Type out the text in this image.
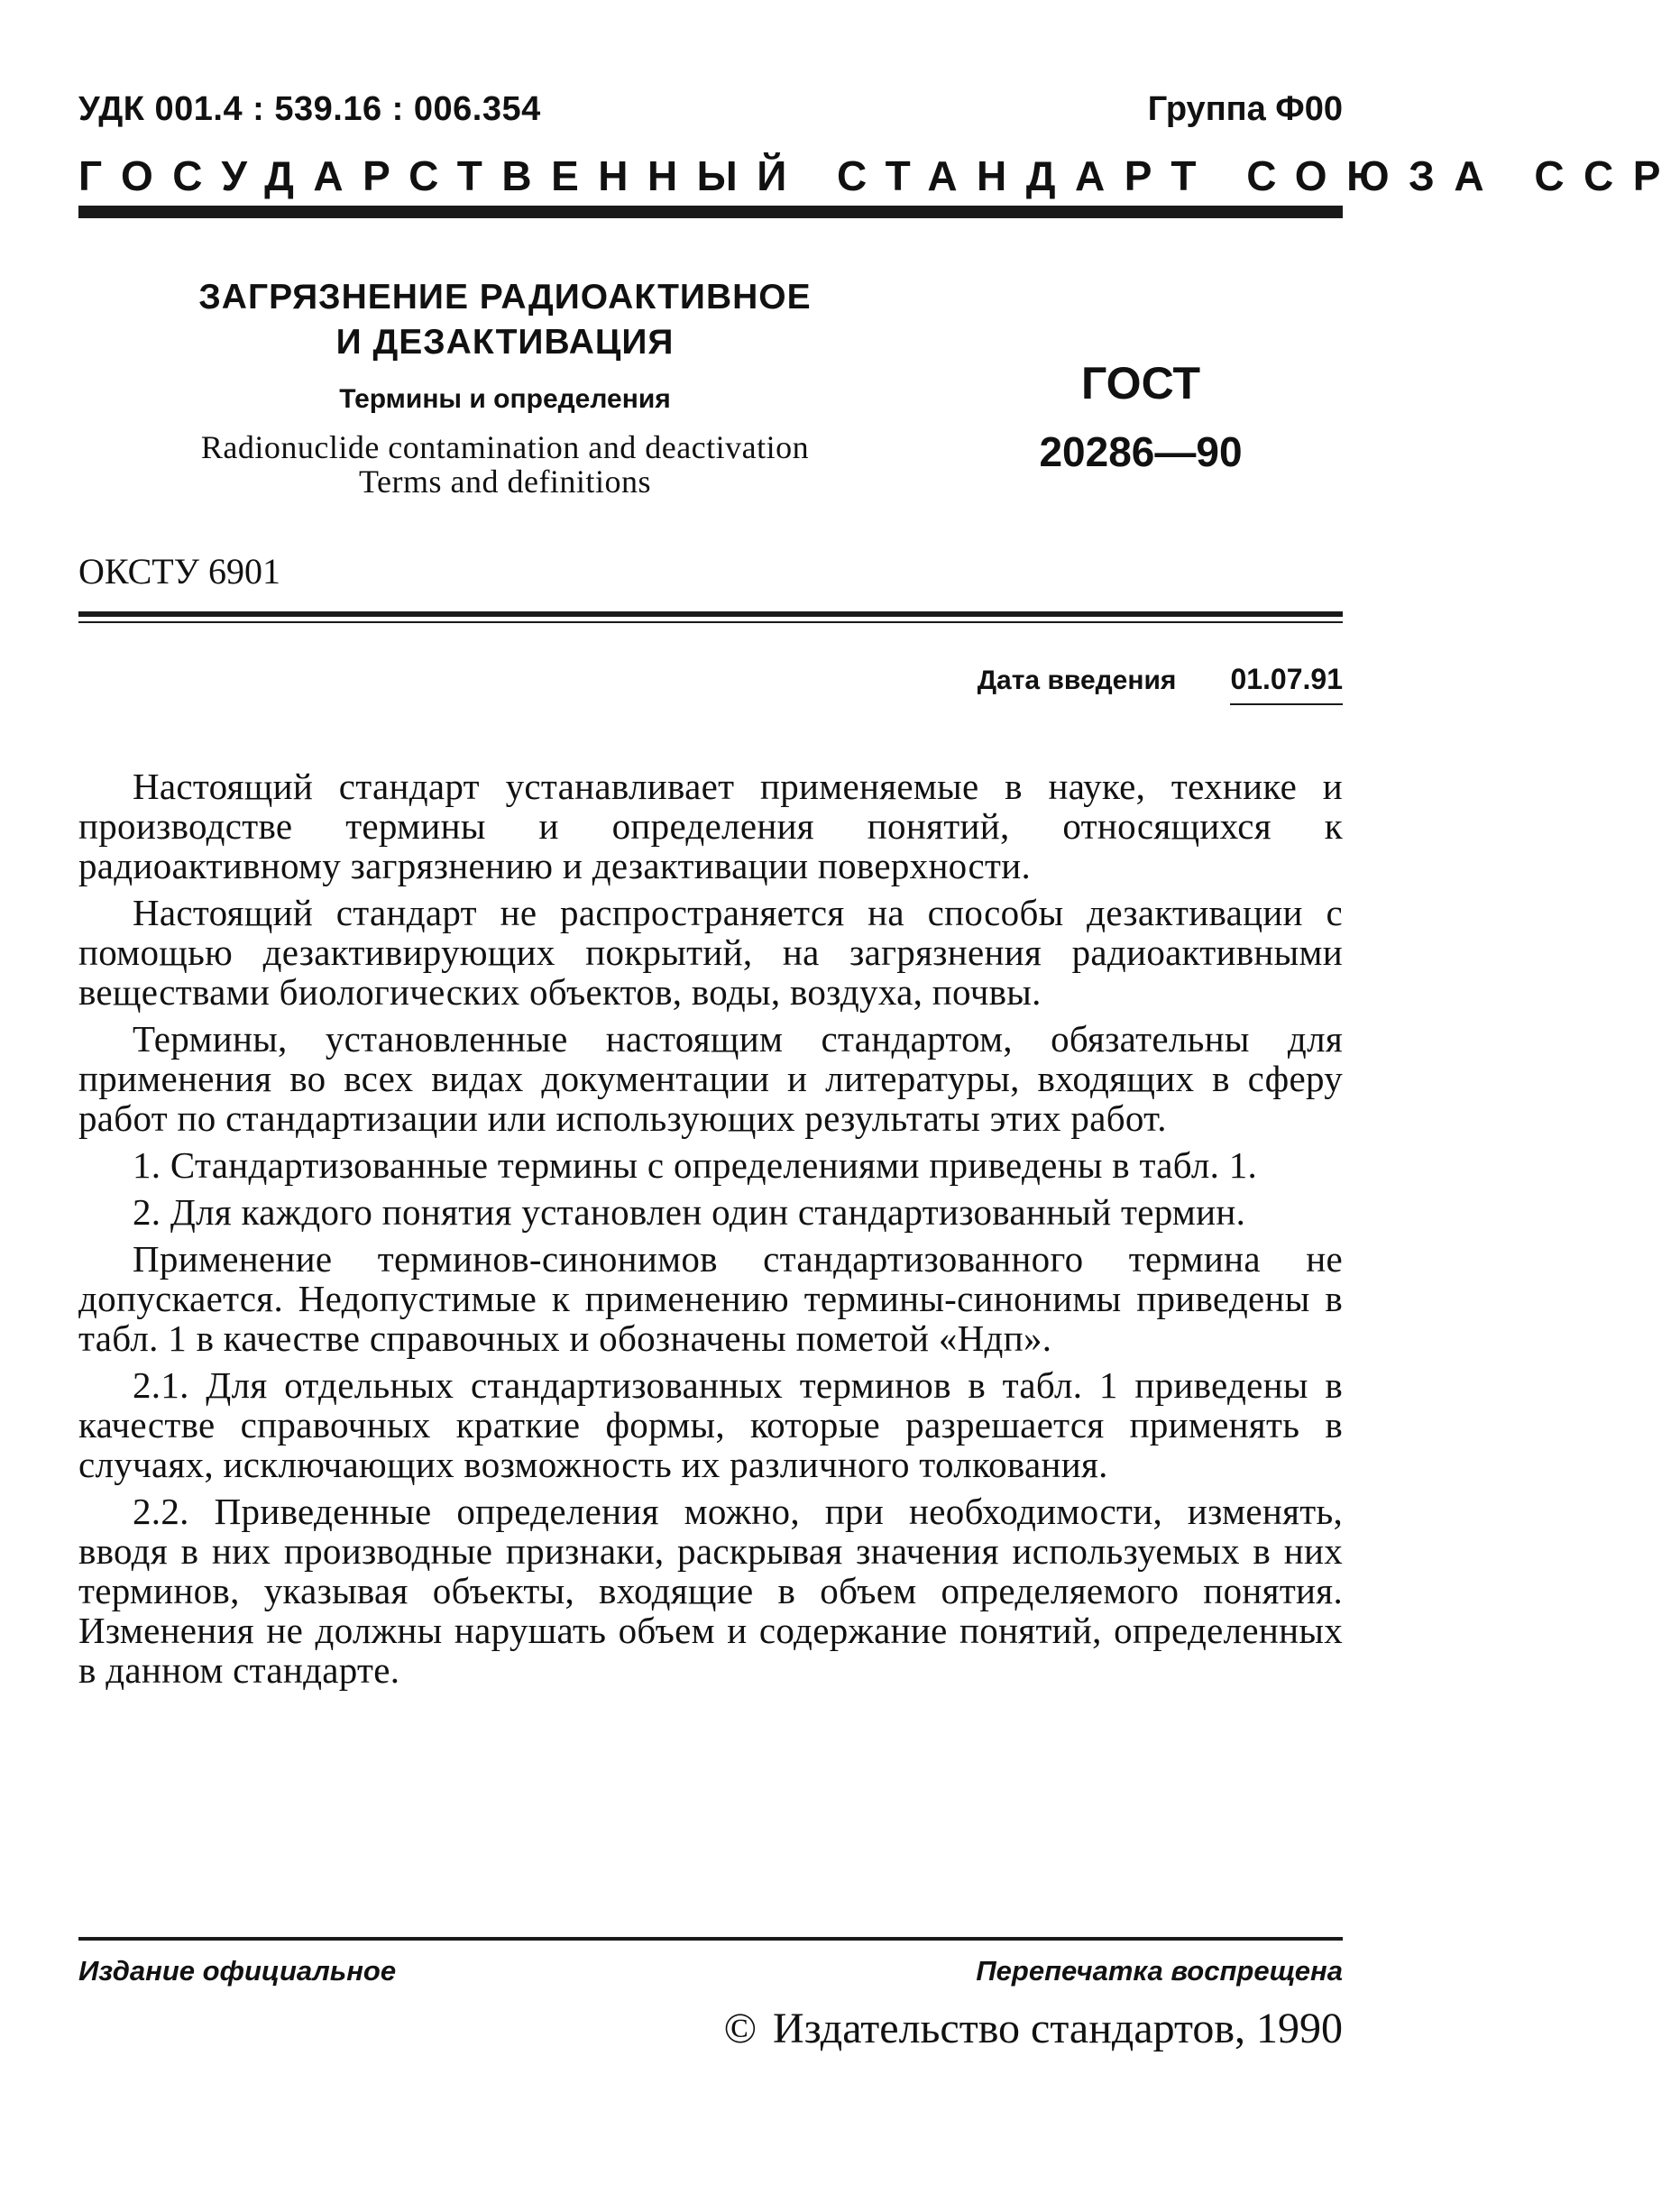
УДК 001.4 : 539.16 : 006.354	Группа Ф00
ГОСУДАРСТВЕННЫЙ СТАНДАРТ СОЮЗА ССР
ЗАГРЯЗНЕНИЕ РАДИОАКТИВНОЕ
И ДЕЗАКТИВАЦИЯ
Термины и определения
Radionuclide contamination and deactivation
Terms and definitions
ГОСТ
20286—90
ОКСТУ 6901
Дата введения 01.07.91

Настоящий стандарт устанавливает применяемые в науке, технике и производстве термины и определения понятий, относящихся к радиоактивному загрязнению и дезактивации поверхности.

Настоящий стандарт не распространяется на способы дезактивации с помощью дезактивирующих покрытий, на загрязнения радиоактивными веществами биологических объектов, воды, воздуха, почвы.

Термины, установленные настоящим стандартом, обязательны для применения во всех видах документации и литературы, входящих в сферу работ по стандартизации или использующих результаты этих работ.

1. Стандартизованные термины с определениями приведены в табл. 1.

2. Для каждого понятия установлен один стандартизованный термин.

Применение терминов-синонимов стандартизованного термина не допускается. Недопустимые к применению термины-синонимы приведены в табл. 1 в качестве справочных и обозначены пометой «Ндп».

2.1. Для отдельных стандартизованных терминов в табл. 1 приведены в качестве справочных краткие формы, которые разрешается применять в случаях, исключающих возможность их различного толкования.

2.2. Приведенные определения можно, при необходимости, изменять, вводя в них производные признаки, раскрывая значения используемых в них терминов, указывая объекты, входящие в объем определяемого понятия. Изменения не должны нарушать объем и содержание понятий, определенных в данном стандарте.

Издание официальное	Перепечатка воспрещена
© Издательство стандартов, 1990
